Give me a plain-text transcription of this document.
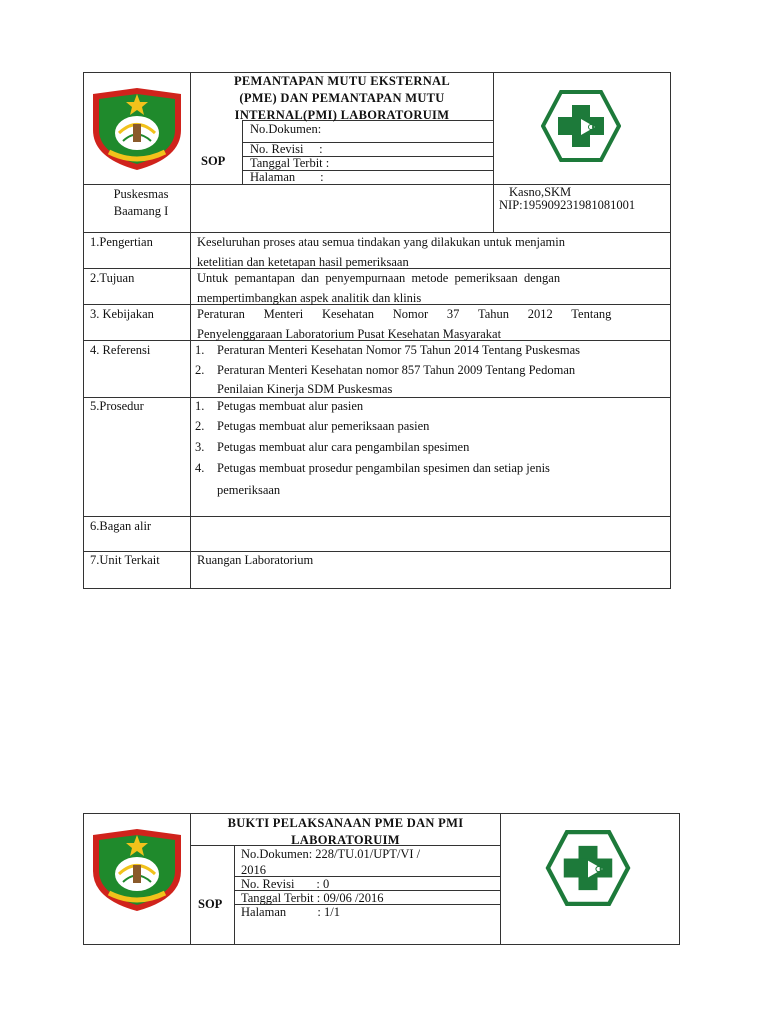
PEMANTAPAN MUTU EKSTERNAL
(PME) DAN PEMANTAPAN MUTU
INTERNAL(PMI) LABORATORUIM
SOP
No.Dokumen:
No. Revisi     :
Tanggal Terbit :
Halaman        :
Puskesmas
Baamang I
Kasno,SKM
NIP:195909231981081001
1.Pengertian	Keseluruhan proses atau semua tindakan yang dilakukan untuk menjamin
ketelitian dan ketetapan hasil pemeriksaan
2.Tujuan	Untuk  pemantapan  dan  penyempurnaan  metode  pemeriksaan  dengan
mempertimbangkan aspek analitik dan klinis
3. Kebijakan	Peraturan      Menteri      Kesehatan      Nomor      37      Tahun      2012      Tentang
Penyelenggaraan Laboratorium Pusat Kesehatan Masyarakat
4. Referensi	1. Peraturan Menteri Kesehatan Nomor 75 Tahun 2014 Tentang Puskesmas
2. Peraturan Menteri Kesehatan nomor 857 Tahun 2009 Tentang Pedoman
Penilaian Kinerja SDM Puskesmas
5.Prosedur	1. Petugas membuat alur pasien
2. Petugas membuat alur pemeriksaan pasien
3. Petugas membuat alur cara pengambilan spesimen
4. Petugas membuat prosedur pengambilan spesimen dan setiap jenis
pemeriksaan
6.Bagan alir
7.Unit Terkait	Ruangan Laboratorium
BUKTI PELAKSANAAN PME DAN PMI
LABORATORUIM
SOP
No.Dokumen: 228/TU.01/UPT/VI /
2016
No. Revisi       : 0
Tanggal Terbit : 09/06 /2016
Halaman          : 1/1
